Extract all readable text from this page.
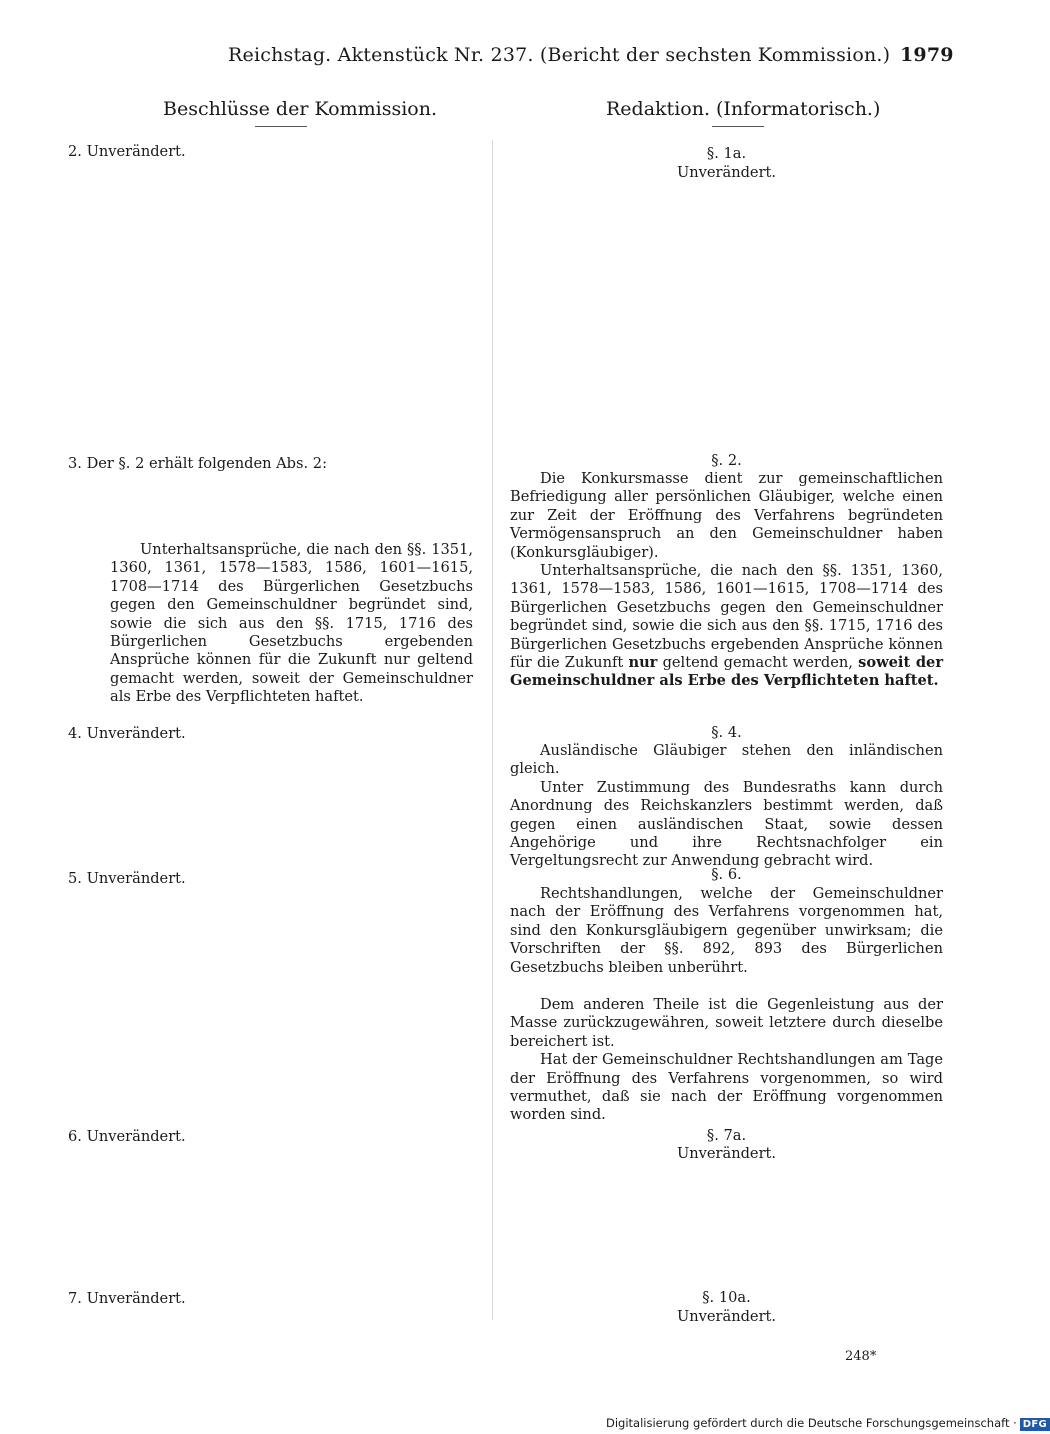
Reichstag. Aktenstück Nr. 237. (Bericht der sechsten Kommission.) 1979
Beschlüsse der Kommission.	Redaktion. (Informatorisch.)
2. Unverändert.
3. Der §. 2 erhält folgenden Abs. 2:

Unterhaltsansprüche, die nach den §§. 1351, 1360, 1361, 1578—1583, 1586, 1601—1615, 1708—1714 des Bürgerlichen Gesetzbuchs gegen den Gemeinschuldner begründet sind, sowie die sich aus den §§. 1715, 1716 des Bürgerlichen Gesetzbuchs ergebenden Ansprüche können für die Zukunft nur geltend gemacht werden, soweit der Gemeinschuldner als Erbe des Verpflichteten haftet.

4. Unverändert.
5. Unverändert.
6. Unverändert.
7. Unverändert.
§. 1a.
Unverändert.
§. 2.

Die Konkursmasse dient zur gemeinschaftlichen Befriedigung aller persönlichen Gläubiger, welche einen zur Zeit der Eröffnung des Verfahrens begründeten Vermögensanspruch an den Gemeinschuldner haben (Konkursgläubiger).

Unterhaltsansprüche, die nach den §§. 1351, 1360, 1361, 1578—1583, 1586, 1601—1615, 1708—1714 des Bürgerlichen Gesetzbuchs gegen den Gemeinschuldner begründet sind, sowie die sich aus den §§. 1715, 1716 des Bürgerlichen Gesetzbuchs ergebenden Ansprüche können für die Zukunft nur geltend gemacht werden, soweit der Gemeinschuldner als Erbe des Verpflichteten haftet.

§. 4.

Ausländische Gläubiger stehen den inländischen gleich.

Unter Zustimmung des Bundesraths kann durch Anordnung des Reichskanzlers bestimmt werden, daß gegen einen ausländischen Staat, sowie dessen Angehörige und ihre Rechtsnachfolger ein Vergeltungsrecht zur Anwendung gebracht wird.

§. 6.

Rechtshandlungen, welche der Gemeinschuldner nach der Eröffnung des Verfahrens vorgenommen hat, sind den Konkursgläubigern gegenüber unwirksam; die Vorschriften der §§. 892, 893 des Bürgerlichen Gesetzbuchs bleiben unberührt.

Dem anderen Theile ist die Gegenleistung aus der Masse zurückzugewähren, soweit letztere durch dieselbe bereichert ist.

Hat der Gemeinschuldner Rechtshandlungen am Tage der Eröffnung des Verfahrens vorgenommen, so wird vermuthet, daß sie nach der Eröffnung vorgenommen worden sind.

§. 7a.
Unverändert.
§. 10a.
Unverändert.
248*
Digitalisierung gefördert durch die Deutsche Forschungsgemeinschaft · DFG
